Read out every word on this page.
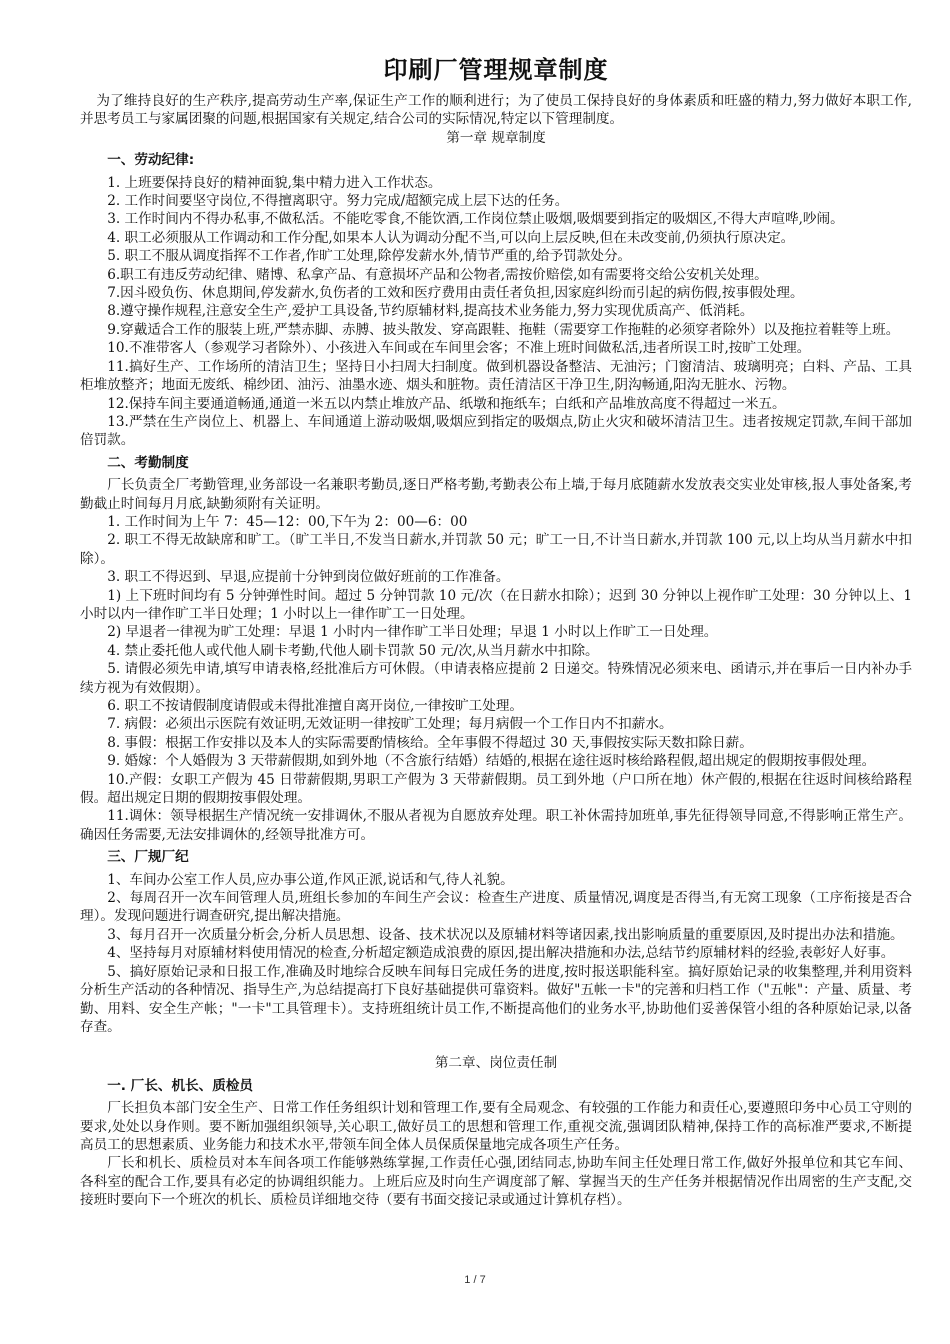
印刷厂管理规章制度

为了维持良好的生产秩序,提高劳动生产率,保证生产工作的顺利进行；为了使员工保持良好的身体素质和旺盛的精力,努力做好本职工作,并思考员工与家属团聚的问题,根据国家有关规定,结合公司的实际情况,特定以下管理制度。

第一章 规章制度
一、劳动纪律:

1. 上班要保持良好的精神面貌,集中精力进入工作状态。

2. 工作时间要坚守岗位,不得擅离职守。努力完成/超额完成上层下达的任务。

3. 工作时间内不得办私事,不做私活。不能吃零食,不能饮酒,工作岗位禁止吸烟,吸烟要到指定的吸烟区,不得大声喧哗,吵闹。

4. 职工必须服从工作调动和工作分配,如果本人认为调动分配不当,可以向上层反映,但在未改变前,仍须执行原决定。

5. 职工不服从调度指挥不工作者,作旷工处理,除停发薪水外,情节严重的,给予罚款处分。

6.职工有违反劳动纪律、赌博、私拿产品、有意损坏产品和公物者,需按价赔偿,如有需要将交给公安机关处理。

7.因斗殴负伤、休息期间,停发薪水,负伤者的工效和医疗费用由责任者负担,因家庭纠纷而引起的病伤假,按事假处理。

8.遵守操作规程,注意安全生产,爱护工具设备,节约原辅材料,提高技术业务能力,努力实现优质高产、低消耗。

9.穿戴适合工作的服装上班,严禁赤脚、赤膊、披头散发、穿高跟鞋、拖鞋（需要穿工作拖鞋的必须穿者除外）以及拖拉着鞋等上班。

10.不准带客人（参观学习者除外）、小孩进入车间或在车间里会客；不准上班时间做私活,违者所误工时,按旷工处理。

11.搞好生产、工作场所的清洁卫生；坚持日小扫周大扫制度。做到机器设备整洁、无油污；门窗清洁、玻璃明亮；白料、产品、工具柜堆放整齐；地面无废纸、棉纱团、油污、油墨水迹、烟头和脏物。责任清洁区干净卫生,阴沟畅通,阳沟无脏水、污物。

12.保持车间主要通道畅通,通道一米五以内禁止堆放产品、纸墩和拖纸车；白纸和产品堆放高度不得超过一米五。

13.严禁在生产岗位上、机器上、车间通道上游动吸烟,吸烟应到指定的吸烟点,防止火灾和破坏清洁卫生。违者按规定罚款,车间干部加倍罚款。

二、考勤制度

厂长负责全厂考勤管理,业务部设一名兼职考勤员,逐日严格考勤,考勤表公布上墙,于每月底随薪水发放表交实业处审核,报人事处备案,考勤截止时间每月月底,缺勤须附有关证明。

1. 工作时间为上午 7：45—12：00,下午为 2：00—6：00

2. 职工不得无故缺席和旷工。（旷工半日,不发当日薪水,并罚款 50 元；旷工一日,不计当日薪水,并罚款 100 元,以上均从当月薪水中扣除）。

3. 职工不得迟到、早退,应提前十分钟到岗位做好班前的工作准备。

1) 上下班时间均有 5 分钟弹性时间。超过 5 分钟罚款 10 元/次（在日薪水扣除）；迟到 30 分钟以上视作旷工处理：30 分钟以上、1 小时以内一律作旷工半日处理；1 小时以上一律作旷工一日处理。

2) 早退者一律视为旷工处理：早退 1 小时内一律作旷工半日处理；早退 1 小时以上作旷工一日处理。

4. 禁止委托他人或代他人刷卡考勤,代他人刷卡罚款 50 元/次,从当月薪水中扣除。

5. 请假必须先申请,填写申请表格,经批准后方可休假。（申请表格应提前 2 日递交。特殊情况必须来电、函请示,并在事后一日内补办手续方视为有效假期）。

6. 职工不按请假制度请假或未得批准擅自离开岗位,一律按旷工处理。

7. 病假：必须出示医院有效证明,无效证明一律按旷工处理；每月病假一个工作日内不扣薪水。

8. 事假：根据工作安排以及本人的实际需要酌情核给。全年事假不得超过 30 天,事假按实际天数扣除日薪。

9. 婚嫁：个人婚假为 3 天带薪假期,如到外地（不含旅行结婚）结婚的,根据在途往返时核给路程假,超出规定的假期按事假处理。

10.产假：女职工产假为 45 日带薪假期,男职工产假为 3 天带薪假期。员工到外地（户口所在地）休产假的,根据在往返时间核给路程假。超出规定日期的假期按事假处理。

11.调休：领导根据生产情况统一安排调休,不服从者视为自愿放弃处理。职工补休需持加班单,事先征得领导同意,不得影响正常生产。确因任务需要,无法安排调休的,经领导批准方可。

三、厂规厂纪

1、车间办公室工作人员,应办事公道,作风正派,说话和气,待人礼貌。

2、每周召开一次车间管理人员,班组长参加的车间生产会议：检查生产进度、质量情况,调度是否得当,有无窝工现象（工序衔接是否合理）。发现问题进行调查研究,提出解决措施。

3、每月召开一次质量分析会,分析人员思想、设备、技术状况以及原辅材料等诸因素,找出影响质量的重要原因,及时提出办法和措施。

4、坚持每月对原辅材料使用情况的检查,分析超定额造成浪费的原因,提出解决措施和办法,总结节约原辅材料的经验,表彰好人好事。

5、搞好原始记录和日报工作,准确及时地综合反映车间每日完成任务的进度,按时报送职能科室。搞好原始记录的收集整理,并利用资料分析生产活动的各种情况、指导生产,为总结提高打下良好基础提供可靠资料。做好"五帐一卡"的完善和归档工作（"五帐"：产量、质量、考勤、用料、安全生产帐；"一卡"工具管理卡）。支持班组统计员工作,不断提高他们的业务水平,协助他们妥善保管小组的各种原始记录,以备存查。

第二章、岗位责任制
一. 厂长、机长、质检员

厂长担负本部门安全生产、日常工作任务组织计划和管理工作,要有全局观念、有较强的工作能力和责任心,要遵照印务中心员工守则的要求,处处以身作则。要不断加强组织领导,关心职工,做好员工的思想和管理工作,重视交流,强调团队精神,保持工作的高标准严要求,不断提高员工的思想素质、业务能力和技术水平,带领车间全体人员保质保量地完成各项生产任务。

厂长和机长、质检员对本车间各项工作能够熟练掌握,工作责任心强,团结同志,协助车间主任处理日常工作,做好外报单位和其它车间、各科室的配合工作,要具有必定的协调组织能力。上班后应及时向生产调度部了解、掌握当天的生产任务并根据情况作出周密的生产支配,交接班时要向下一个班次的机长、质检员详细地交待（要有书面交接记录或通过计算机存档）。

1 / 7
